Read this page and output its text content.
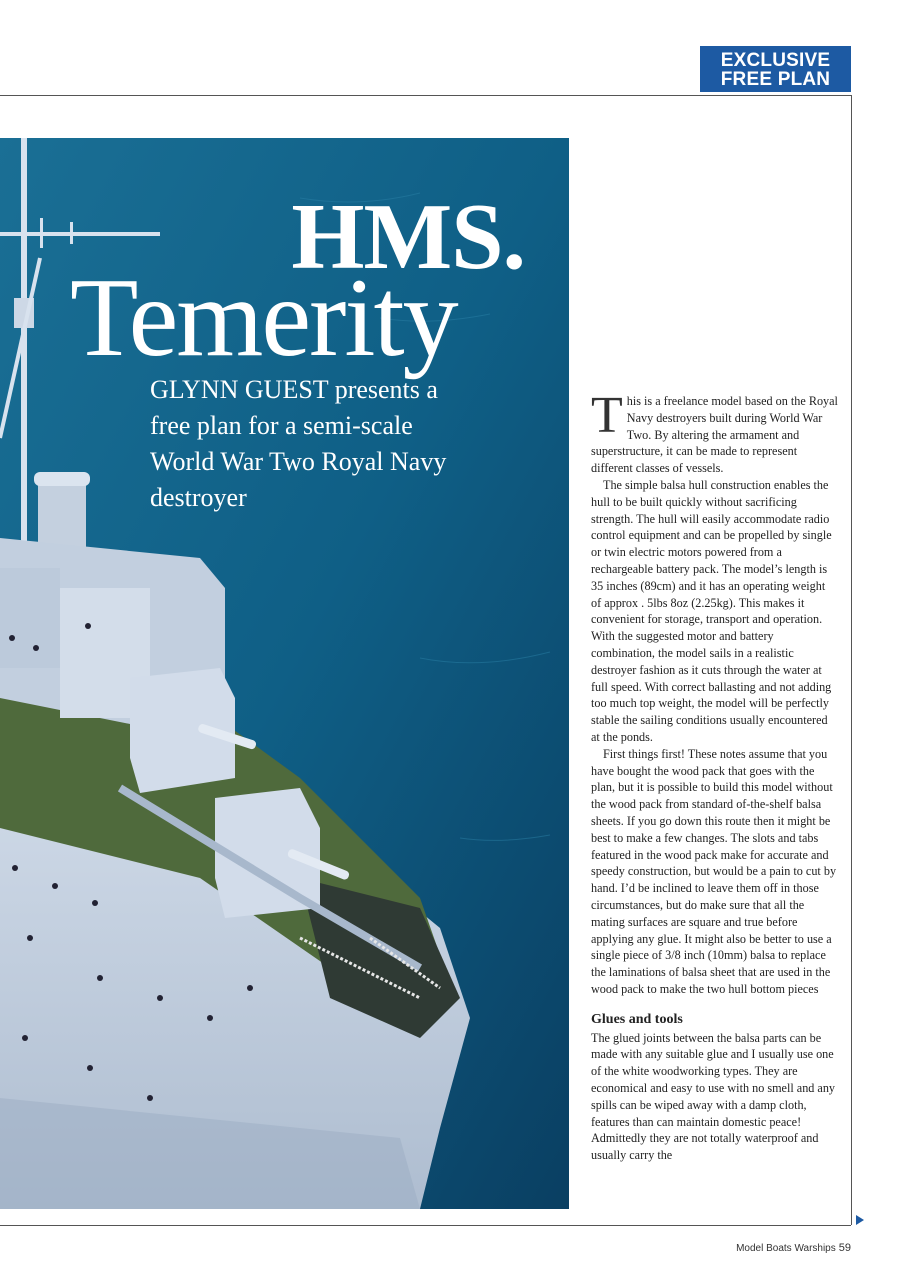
EXCLUSIVE
FREE PLAN
HMS.
Temerity
GLYNN GUEST presents a free plan for a semi-scale World War Two Royal Navy destroyer

This is a freelance model based on the Royal Navy destroyers built during World War Two. By altering the armament and superstructure, it can be made to represent different classes of vessels.

The simple balsa hull construction enables the hull to be built quickly without sacrificing strength. The hull will easily accommodate radio control equipment and can be propelled by single or twin electric motors powered from a rechargeable battery pack. The model’s length is 35 inches (89cm) and it has an operating weight of approx . 5lbs 8oz (2.25kg). This makes it convenient for storage, transport and operation. With the suggested motor and battery combination, the model sails in a realistic destroyer fashion as it cuts through the water at full speed. With correct ballasting and not adding too much top weight, the model will be perfectly stable the sailing conditions usually encountered at the ponds.

First things first! These notes assume that you have bought the wood pack that goes with the plan, but it is possible to build this model without the wood pack from standard of-the-shelf balsa sheets. If you go down this route then it might be best to make a few changes. The slots and tabs featured in the wood pack make for accurate and speedy construction, but would be a pain to cut by hand. I’d be inclined to leave them off in those circumstances, but do make sure that all the mating surfaces are square and true before applying any glue. It might also be better to use a single piece of 3/8 inch (10mm) balsa to replace the laminations of balsa sheet that are used in the wood pack to make the two hull bottom pieces

Glues and tools

The glued joints between the balsa parts can be made with any suitable glue and I usually use one of the white woodworking types. They are economical and easy to use with no smell and any spills can be wiped away with a damp cloth, features than can maintain domestic peace! Admittedly they are not totally waterproof and usually carry the

Model Boats Warships 59
